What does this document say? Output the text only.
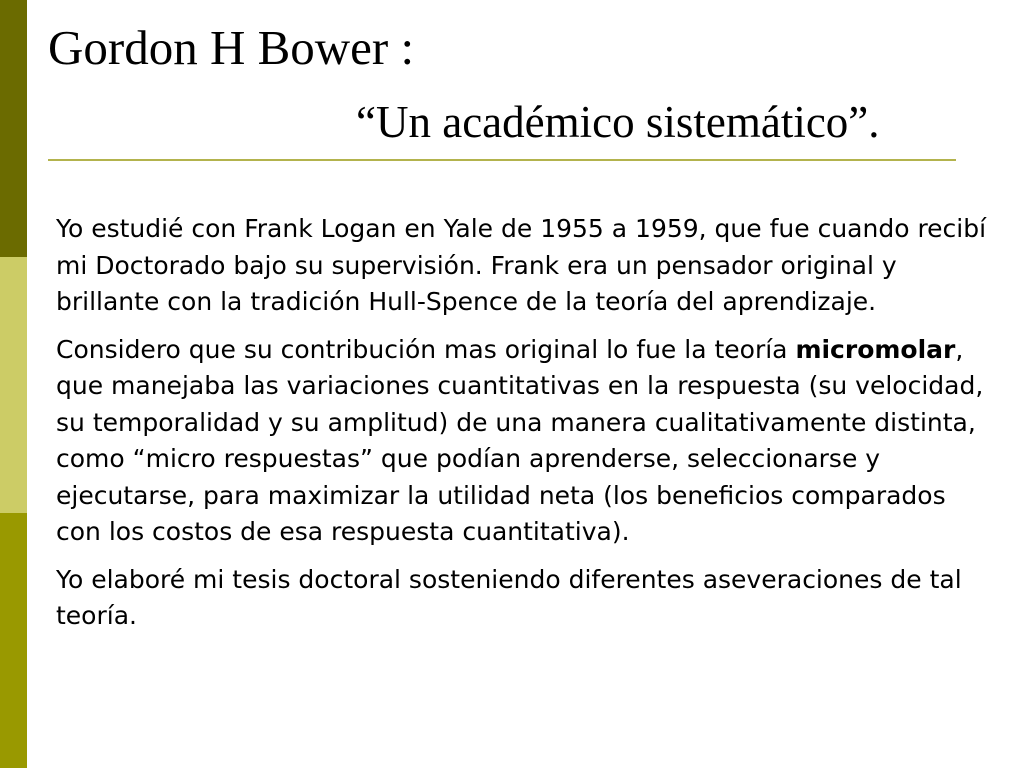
Gordon H Bower :
“Un académico sistemático”.

Yo estudié con Frank Logan en Yale de 1955 a 1959, que fue cuando recibí mi Doctorado bajo su supervisión. Frank era un pensador original y brillante con la tradición Hull-Spence de la teoría del aprendizaje.

Considero que su contribución mas original lo fue la teoría micromolar, que manejaba las variaciones cuantitativas en la respuesta (su velocidad, su temporalidad y su amplitud) de una manera cualitativamente distinta, como “micro respuestas” que podían aprenderse, seleccionarse y ejecutarse, para maximizar la utilidad neta (los beneficios comparados con los costos de esa respuesta cuantitativa).

Yo elaboré mi tesis doctoral sosteniendo diferentes aseveraciones de tal teoría.
